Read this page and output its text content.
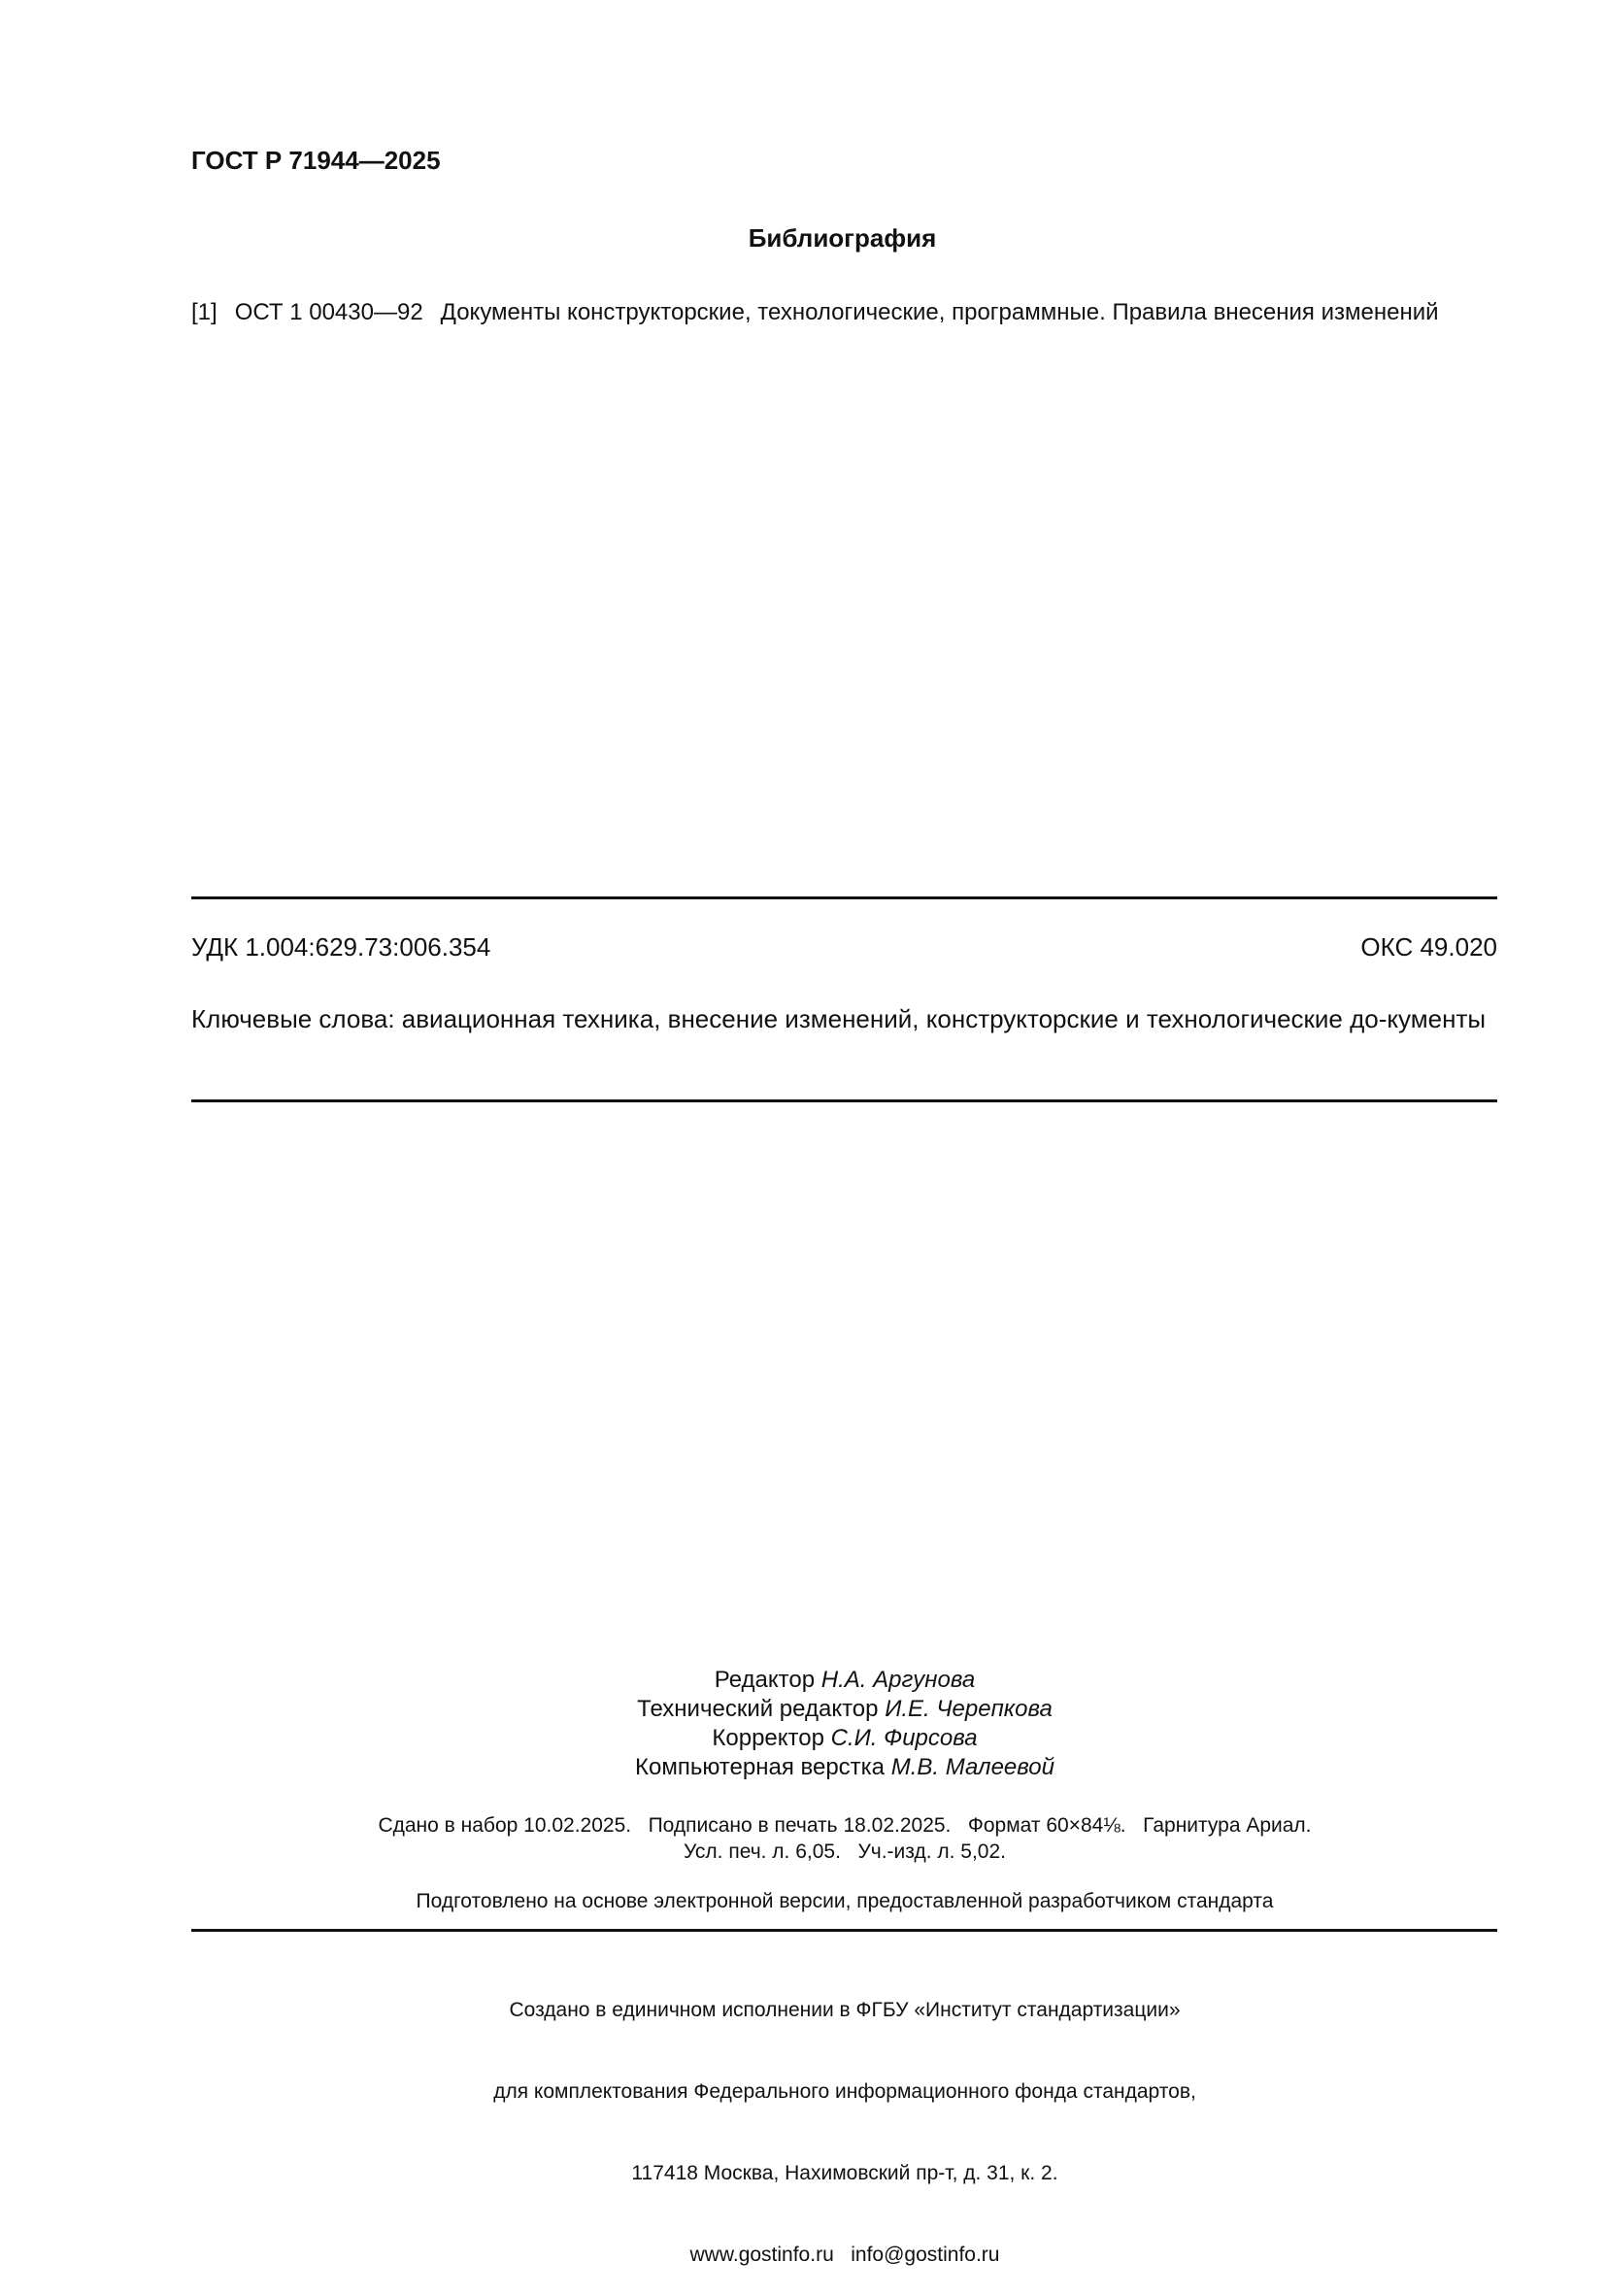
ГОСТ Р 71944—2025
Библиография
[1] ОСТ 1 00430—92 Документы конструкторские, технологические, программные. Правила внесения изменений
УДК 1.004:629.73:006.354	ОКС 49.020
Ключевые слова: авиационная техника, внесение изменений, конструкторские и технологические до-кументы
Редактор Н.А. Аргунова
Технический редактор И.Е. Черепкова
Корректор С.И. Фирсова
Компьютерная верстка М.В. Малеевой
Сдано в набор 10.02.2025.   Подписано в печать 18.02.2025.   Формат 60×84⅛.   Гарнитура Ариал.
Усл. печ. л. 6,05.   Уч.-изд. л. 5,02.
Подготовлено на основе электронной версии, предоставленной разработчиком стандарта

Создано в единичном исполнении в ФГБУ «Институт стандартизации»

для комплектования Федерального информационного фонда стандартов,

117418 Москва, Нахимовский пр-т, д. 31, к. 2.

www.gostinfo.ru   info@gostinfo.ru
